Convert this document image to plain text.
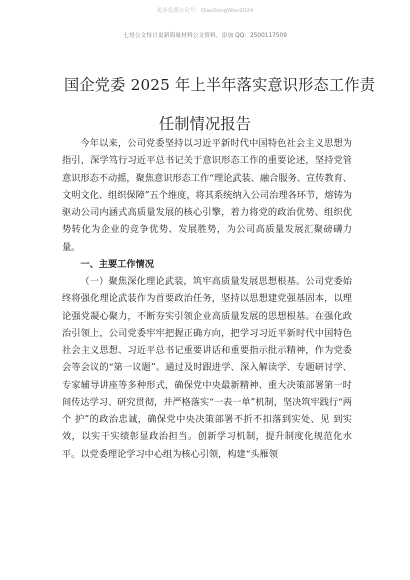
更多免费公众号：QiaoSongWen2024
七哥公文每日更新海量材料公文资料，添加 QQ：2500117509
国企党委 2025 年上半年落实意识形态工作责
任制情况报告

今年以来，公司党委坚持以习近平新时代中国特色社会主义思想为指引，深学笃行习近平总书记关于意识形态工作的重要论述，坚持党管意识形态不动摇，聚焦意识形态工作“理论武装、融合服务、宣传教育、文明文化、组织保障”五个维度，将其系统纳入公司治理各环节，熔铸为驱动公司内涵式高质量发展的核心引擎，着力将党的政治优势、组织优势转化为企业的竞争优势、发展胜势，为公司高质量发展汇聚磅礴力量。

一、主要工作情况

（一）聚焦深化理论武装，筑牢高质量发展思想根基。公司党委始终将强化理论武装作为首要政治任务，坚持以思想建党强基固本，以理论强党凝心聚力，不断夯实引领企业高质量发展的思想根基。在强化政治引领上，公司党委牢牢把握正确方向，把学习习近平新时代中国特色社会主义思想、习近平总书记重要讲话和重要指示批示精神，作为党委会等会议的“第一议题”。通过及时跟进学、深入解读学、专题研讨学、专家辅导讲座等多种形式，确保党中央最新精神、重大决策部署第一时间传达学习、研究贯彻，并严格落实“一表一单”机制，坚决筑牢践行“两个 护”的政治忠诚，确保党中央决策部署不折不扣落到实处、见 到实效，以实干实绩彰显政治担当。创新学习机制，提升制度化规范化水平。以党委理论学习中心组为核心引领，构建“头雁领
